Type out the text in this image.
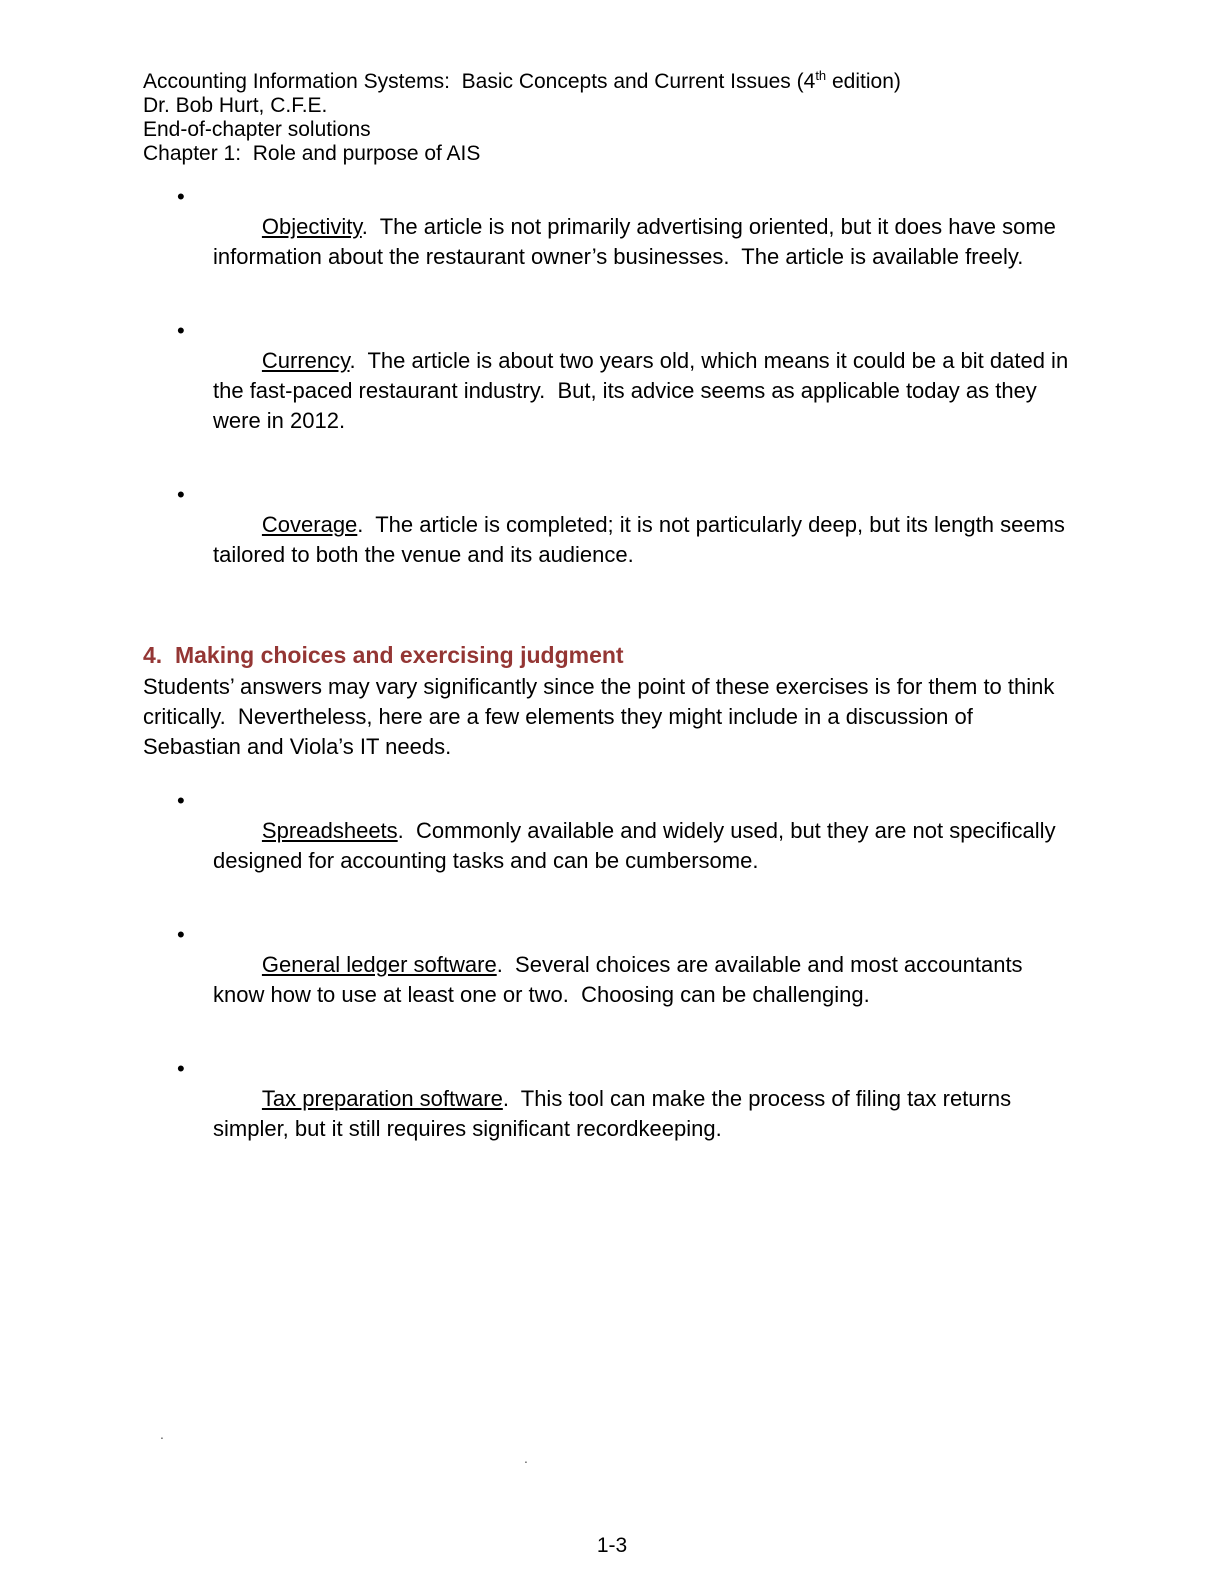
Accounting Information Systems:  Basic Concepts and Current Issues (4th edition)
Dr. Bob Hurt, C.F.E.
End-of-chapter solutions
Chapter 1:  Role and purpose of AIS

•
Objectivity.  The article is not primarily advertising oriented, but it does have some information about the restaurant owner’s businesses.  The article is available freely.

•
Currency.  The article is about two years old, which means it could be a bit dated in the fast-paced restaurant industry.  But, its advice seems as applicable today as they were in 2012.

•
Coverage.  The article is completed; it is not particularly deep, but its length seems tailored to both the venue and its audience.

4.  Making choices and exercising judgment
Students’ answers may vary significantly since the point of these exercises is for them to think critically.  Nevertheless, here are a few elements they might include in a discussion of Sebastian and Viola’s IT needs.

•
Spreadsheets.  Commonly available and widely used, but they are not specifically designed for accounting tasks and can be cumbersome.

•
General ledger software.  Several choices are available and most accountants know how to use at least one or two.  Choosing can be challenging.

•
Tax preparation software.  This tool can make the process of filing tax returns simpler, but it still requires significant recordkeeping.

.
.
1-3
